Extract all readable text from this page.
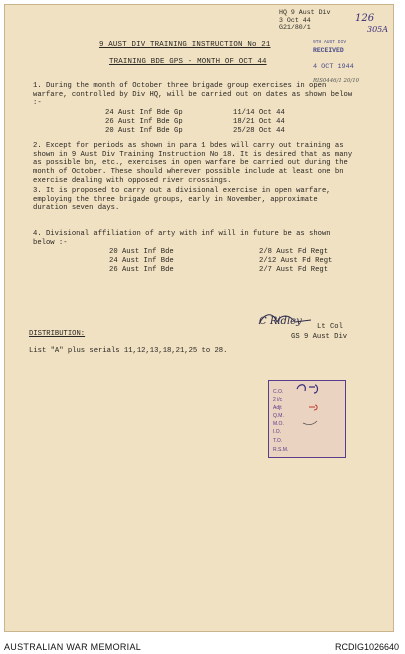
HQ 9 Aust Div
3 Oct 44
G21/80/1
126
305A
9TH AUST DIV
RECEIVED
4 OCT 1944
RIS0446/1 20/10
9 AUST DIV TRAINING INSTRUCTION No 21
TRAINING BDE GPS - MONTH OF OCT 44
1. During the month of October three brigade group exercises in open warfare, controlled by Div HQ, will be carried out on dates as shown below :-
24 Aust Inf Bde Gp	11/14 Oct 44
26 Aust Inf Bde Gp	18/21 Oct 44
20 Aust Inf Bde Gp	25/28 Oct 44
2. Except for periods as shown in para 1 bdes will carry out training as shown in 9 Aust Div Training Instruction No 18. It is desired that as many as possible bn, etc., exercises in open warfare be carried out during the month of October. These should wherever possible include at least one bn exercise dealing with opposed river crossings.
3. It is proposed to carry out a divisional exercise in open warfare, employing the three brigade groups, early in November, approximate duration seven days.
4. Divisional affiliation of arty with inf will in future be as shown below :-
20 Aust Inf Bde	2/8 Aust Fd Regt
24 Aust Inf Bde	2/12 Aust Fd Regt
26 Aust Inf Bde	2/7 Aust Fd Regt
C Ridley Lt Col
GS 9 Aust Div
DISTRIBUTION:
List "A" plus serials 11,12,13,18,21,25 to 28.
C.O.
2 i/c
Adjt
Q.M.
M.O.
I.O.
T.O.
R.S.M.
AUSTRALIAN WAR MEMORIAL	RCDIG1026640
